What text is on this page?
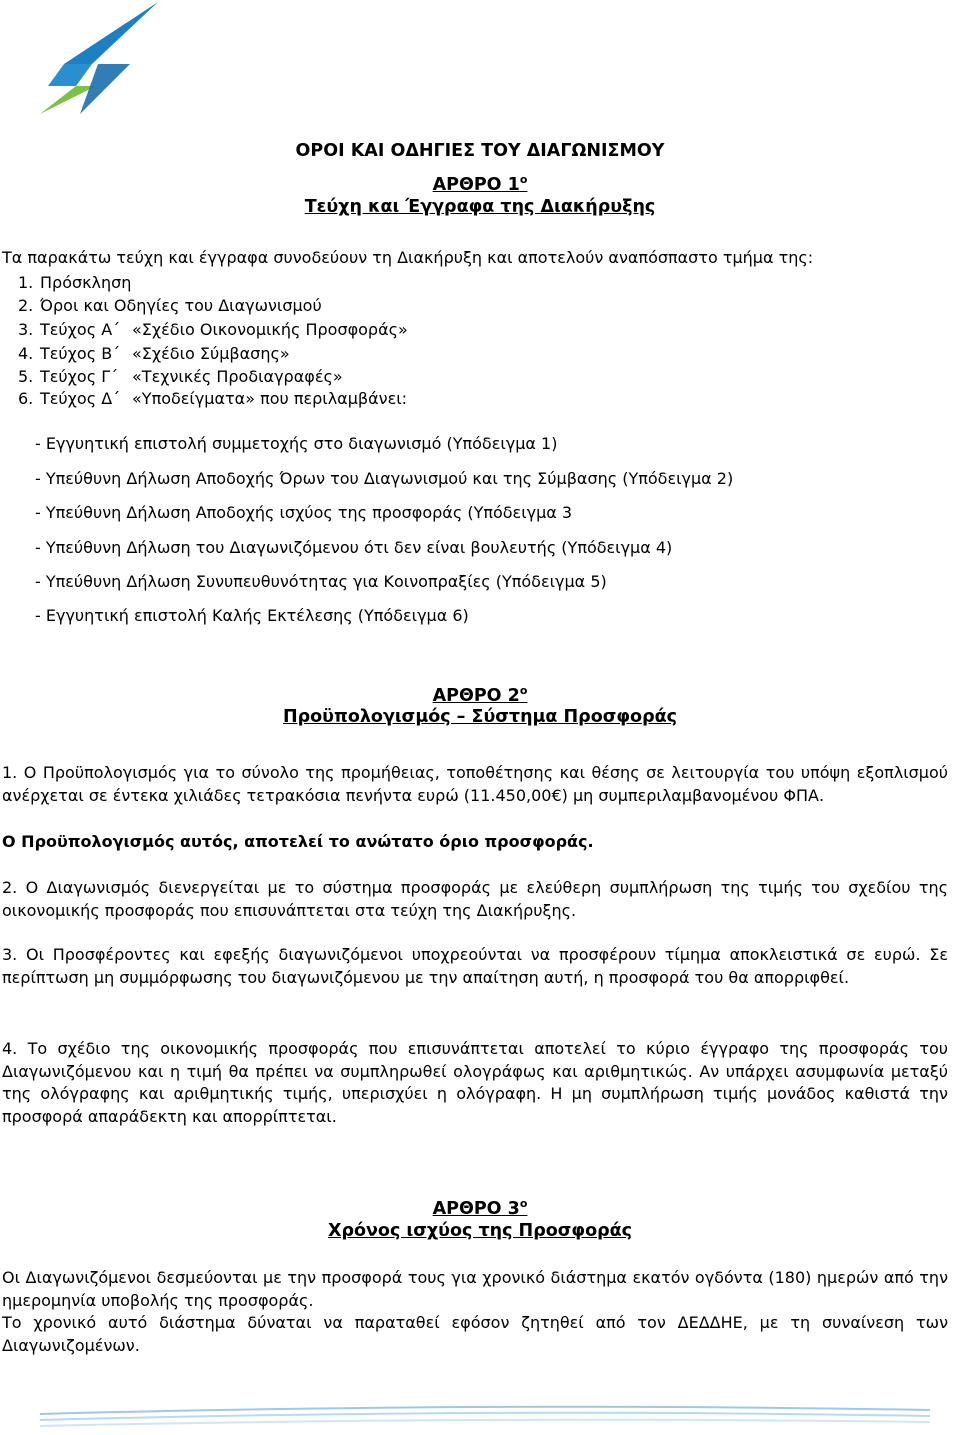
ΟΡΟΙ ΚΑΙ ΟΔΗΓΙΕΣ ΤΟΥ ΔΙΑΓΩΝΙΣΜΟΥ
ΑΡΘΡΟ $1^o$
Τεύχη και Έγγραφα της Διακήρυξης
Τα παρακάτω τεύχη και έγγραφα συνοδεύουν τη Διακήρυξη και αποτελούν αναπόσπαστο τμήμα της:
1. Πρόσκληση
2. Όροι και Οδηγίες του Διαγωνισμού
3. Τεύχος Α΄ «Σχέδιο Οικονομικής Προσφοράς»
4. Τεύχος Β΄ «Σχέδιο Σύμβασης»
5. Τεύχος Γ΄ «Τεχνικές Προδιαγραφές»
6. Τεύχος Δ΄ «Υποδείγματα» που περιλαμβάνει:
- Εγγυητική επιστολή συμμετοχής στο διαγωνισμό (Υπόδειγμα 1)
- Υπεύθυνη Δήλωση Αποδοχής Όρων του Διαγωνισμού και της Σύμβασης (Υπόδειγμα 2)
- Υπεύθυνη Δήλωση Αποδοχής ισχύος της προσφοράς (Υπόδειγμα 3
- Υπεύθυνη Δήλωση του Διαγωνιζόμενου ότι δεν είναι βουλευτής (Υπόδειγμα 4)
- Υπεύθυνη Δήλωση Συνυπευθυνότητας για Κοινοπραξίες (Υπόδειγμα 5)
- Εγγυητική επιστολή Καλής Εκτέλεσης (Υπόδειγμα 6)
ΑΡΘΡΟ $2^o$
Προϋπολογισμός – Σύστημα Προσφοράς
1. Ο Προϋπολογισμός για το σύνολο της προμήθειας, τοποθέτησης και θέσης σε λειτουργία του υπόψη εξοπλισμού ανέρχεται σε έντεκα χιλιάδες τετρακόσια πενήντα ευρώ (11.450,00€) μη συμπεριλαμβανομένου ΦΠΑ.
Ο Προϋπολογισμός αυτός, αποτελεί το ανώτατο όριο προσφοράς.
2. Ο Διαγωνισμός διενεργείται με το σύστημα προσφοράς με ελεύθερη συμπλήρωση της τιμής του σχεδίου της οικονομικής προσφοράς που επισυνάπτεται στα τεύχη της Διακήρυξης.
3. Οι Προσφέροντες και εφεξής διαγωνιζόμενοι υποχρεούνται να προσφέρουν τίμημα αποκλειστικά σε ευρώ. Σε περίπτωση μη συμμόρφωσης του διαγωνιζόμενου με την απαίτηση αυτή, η προσφορά του θα απορριφθεί.
4. Το σχέδιο της οικονομικής προσφοράς που επισυνάπτεται αποτελεί το κύριο έγγραφο της προσφοράς του Διαγωνιζόμενου και η τιμή θα πρέπει να συμπληρωθεί ολογράφως και αριθμητικώς. Αν υπάρχει ασυμφωνία μεταξύ της ολόγραφης και αριθμητικής τιμής, υπερισχύει η ολόγραφη. Η μη συμπλήρωση τιμής μονάδος καθιστά την προσφορά απαράδεκτη και απορρίπτεται.
ΑΡΘΡΟ $3^o$
Χρόνος ισχύος της Προσφοράς
Οι Διαγωνιζόμενοι δεσμεύονται με την προσφορά τους για χρονικό διάστημα εκατόν ογδόντα (180) ημερών από την ημερομηνία υποβολής της προσφοράς.
Το χρονικό αυτό διάστημα δύναται να παραταθεί εφόσον ζητηθεί από τον ΔΕΔΔΗΕ, με τη συναίνεση των Διαγωνιζομένων.
